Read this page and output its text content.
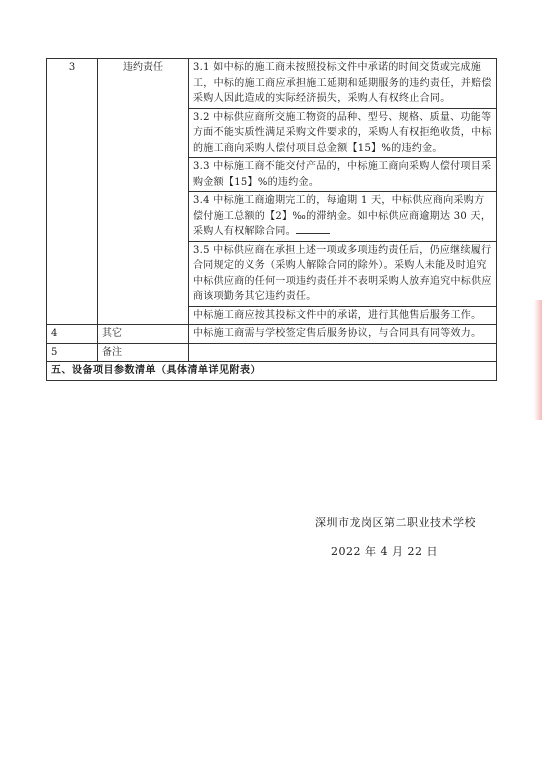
3	违约责任	3.1 如中标的施工商未按照投标文件中承诺的时间交货或完成施工，中标的施工商应承担施工延期和延期服务的违约责任，并赔偿采购人因此造成的实际经济损失，采购人有权终止合同。
		3.2 中标供应商所交施工物资的品种、型号、规格、质量、功能等方面不能实质性满足采购文件要求的，采购人有权拒绝收货，中标的施工商向采购人偿付项目总金额【15】%的违约金。
		3.3 中标施工商不能交付产品的，中标施工商向采购人偿付项目采购金额【15】%的违约金。
		3.4 中标施工商逾期完工的，每逾期 1 天，中标供应商向采购方偿付施工总额的【2】‰的滞纳金。如中标供应商逾期达 30 天，采购人有权解除合同。
		3.5 中标供应商在承担上述一项或多项违约责任后，仍应继续履行合同规定的义务（采购人解除合同的除外）。采购人未能及时追究中标供应商的任何一项违约责任并不表明采购人放弃追究中标供应商该项勤务其它违约责任。
		中标施工商应按其投标文件中的承诺，进行其他售后服务工作。
4	其它	中标施工商需与学校签定售后服务协议，与合同具有同等效力。
5	备注	
五、设备项目参数清单（具体清单详见附表）		
深圳市龙岗区第二职业技术学校
2022 年 4 月 22 日
